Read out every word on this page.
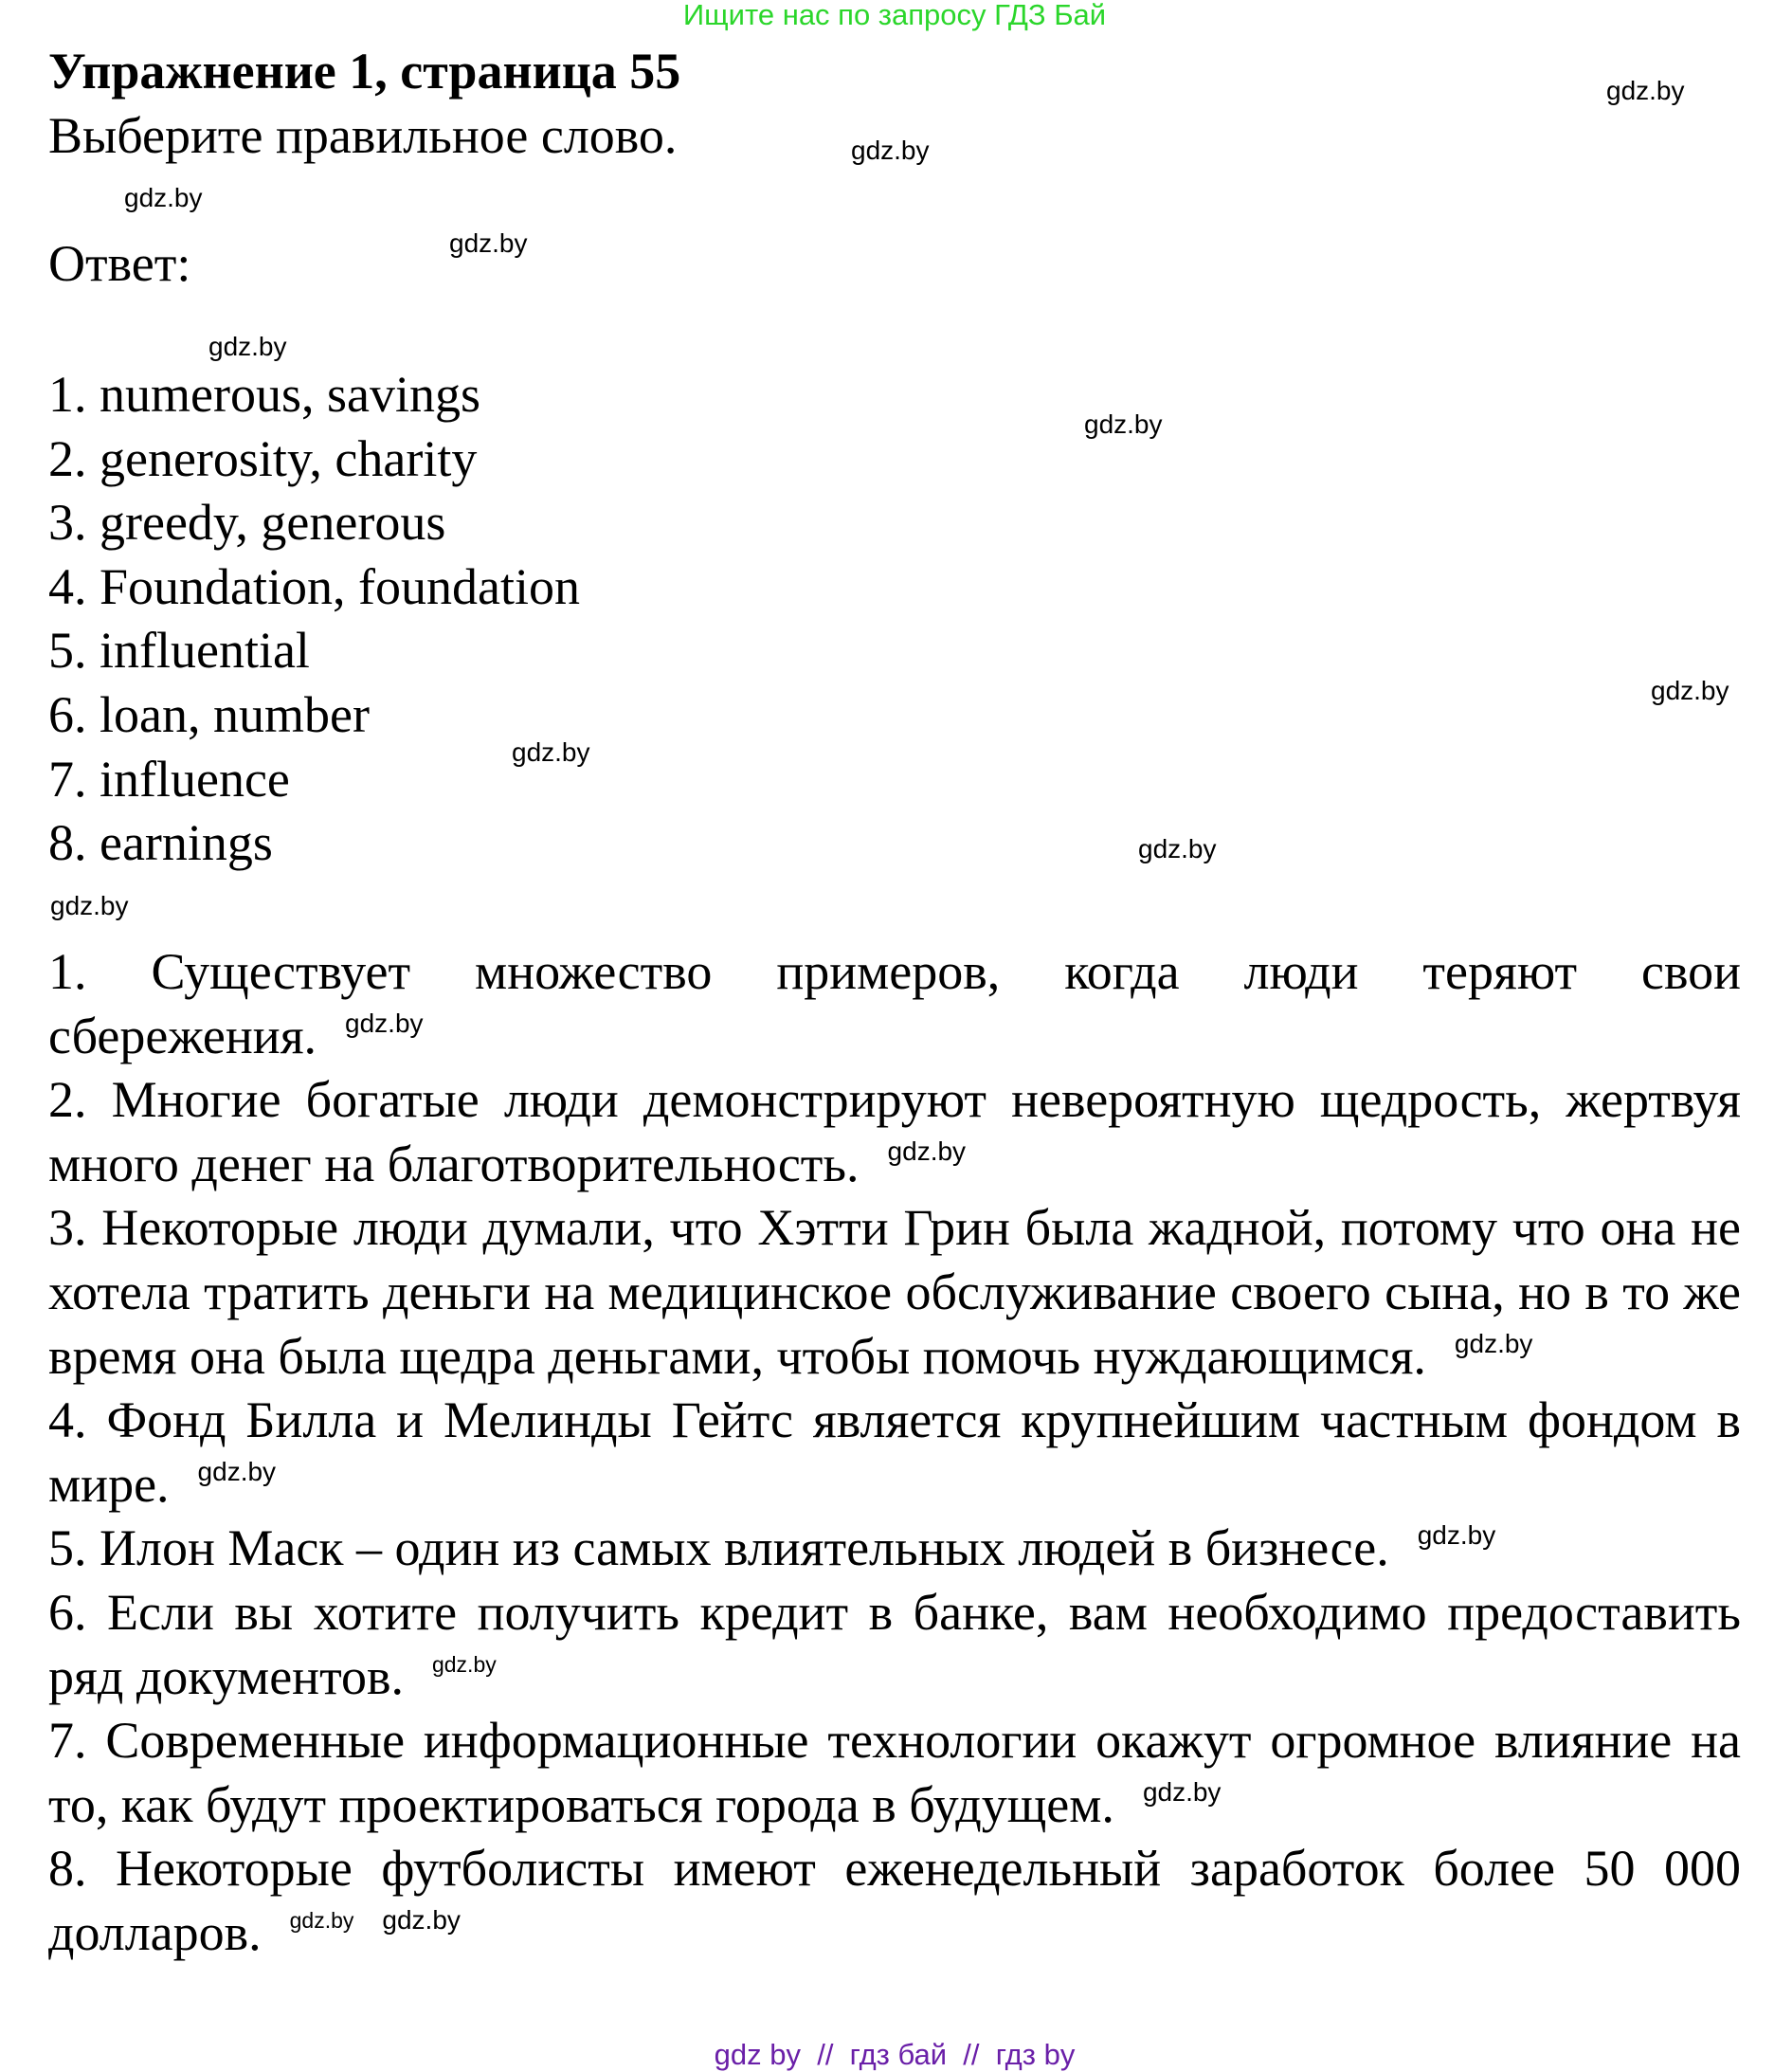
Ищите нас по запросу ГДЗ Бай
Упражнение 1, страница 55
Выберите правильное слово.
Ответ:
1. numerous, savings
2. generosity, charity
3. greedy, generous
4. Foundation, foundation
5. influential
6. loan, number
7. influence
8. earnings

1. Существует множество примеров, когда люди теряют свои сбережения. $^{gdz.by}$

2. Многие богатые люди демонстрируют невероятную щедрость, жертвуя много денег на благотворительность. $^{gdz.by}$

3. Некоторые люди думали, что Хэтти Грин была жадной, потому что она не хотела тратить деньги на медицинское обслуживание своего сына, но в то же время она была щедра деньгами, чтобы помочь нуждающимся. $^{gdz.by}$

4. Фонд Билла и Мелинды Гейтс является крупнейшим частным фондом в мире. $^{gdz.by}$

5. Илон Маск – один из самых влиятельных людей в бизнесе. $^{gdz.by}$

6. Если вы хотите получить кредит в банке, вам необходимо предоставить ряд документов. $^{gdz.by}$

7. Современные информационные технологии окажут огромное влияние на то, как будут проектироваться города в будущем. $^{gdz.by}$

8. Некоторые футболисты имеют еженедельный заработок более 50 000 долларов. $^{gdz.by}$ $^{gdz.by}$

gdz.by
gdz.by
gdz.by
gdz.by
gdz.by
gdz.by
gdz.by
gdz.by
gdz.by
gdz.by
gdz by  //  гдз бай  //  гдз by
